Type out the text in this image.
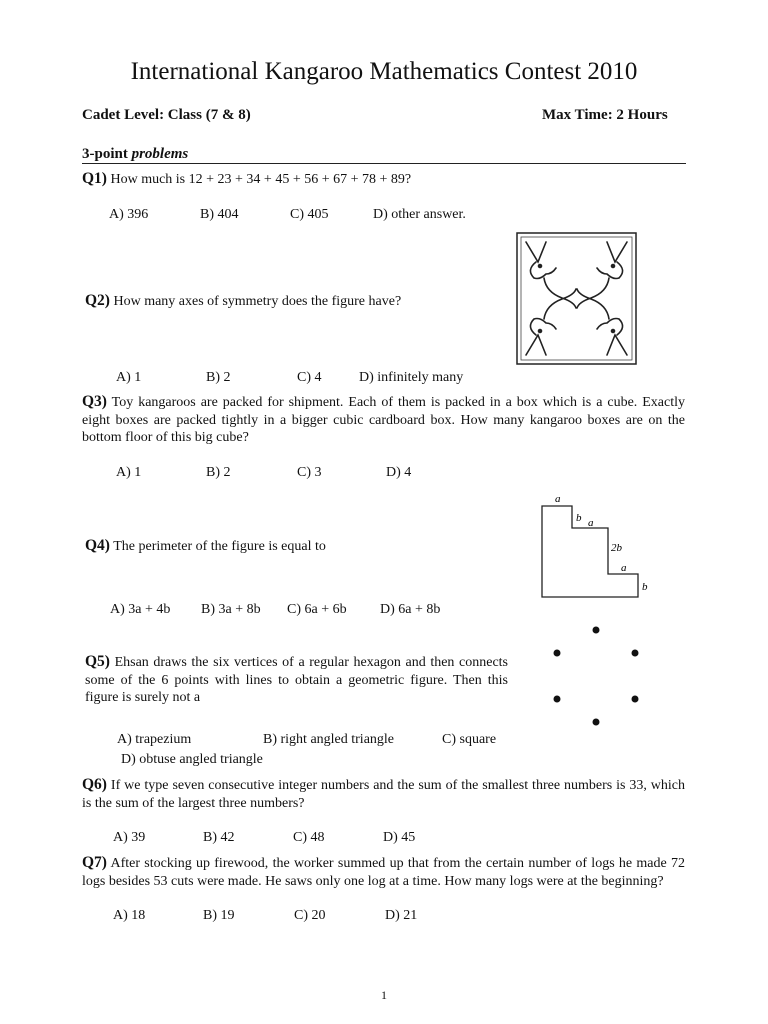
International Kangaroo Mathematics Contest 2010
Cadet Level: Class (7 & 8)	Max Time: 2 Hours
3-point problems
Q1) How much is 12 + 23 + 34 + 45 + 56 + 67 + 78 + 89?
A) 396	B) 404	C) 405	D) other answer.
Q2) How many axes of symmetry does the figure have?
A) 1	B) 2	C) 4	D) infinitely many
Q3) Toy kangaroos are packed for shipment. Each of them is packed in a box which is a cube. Exactly eight boxes are packed tightly in a bigger cubic cardboard box. How many kangaroo boxes are on the bottom floor of this big cube?
A) 1	B) 2	C) 3	D) 4
a
b a
2b
a
b
Q4) The perimeter of the figure is equal to
A) 3a + 4b B) 3a + 8b C) 6a + 6b D) 6a + 8b
Q5) Ehsan draws the six vertices of a regular hexagon and then connects some of the 6 points with lines to obtain a geometric figure. Then this figure is surely not a
A) trapezium	B) right angled triangle	C) square
D) obtuse angled triangle
Q6) If we type seven consecutive integer numbers and the sum of the smallest three numbers is 33, which is the sum of the largest three numbers?
A) 39	B) 42	C) 48	D) 45
Q7) After stocking up firewood, the worker summed up that from the certain number of logs he made 72 logs besides 53 cuts were made. He saws only one log at a time. How many logs were at the beginning?
A) 18	B) 19	C) 20	D) 21
1
